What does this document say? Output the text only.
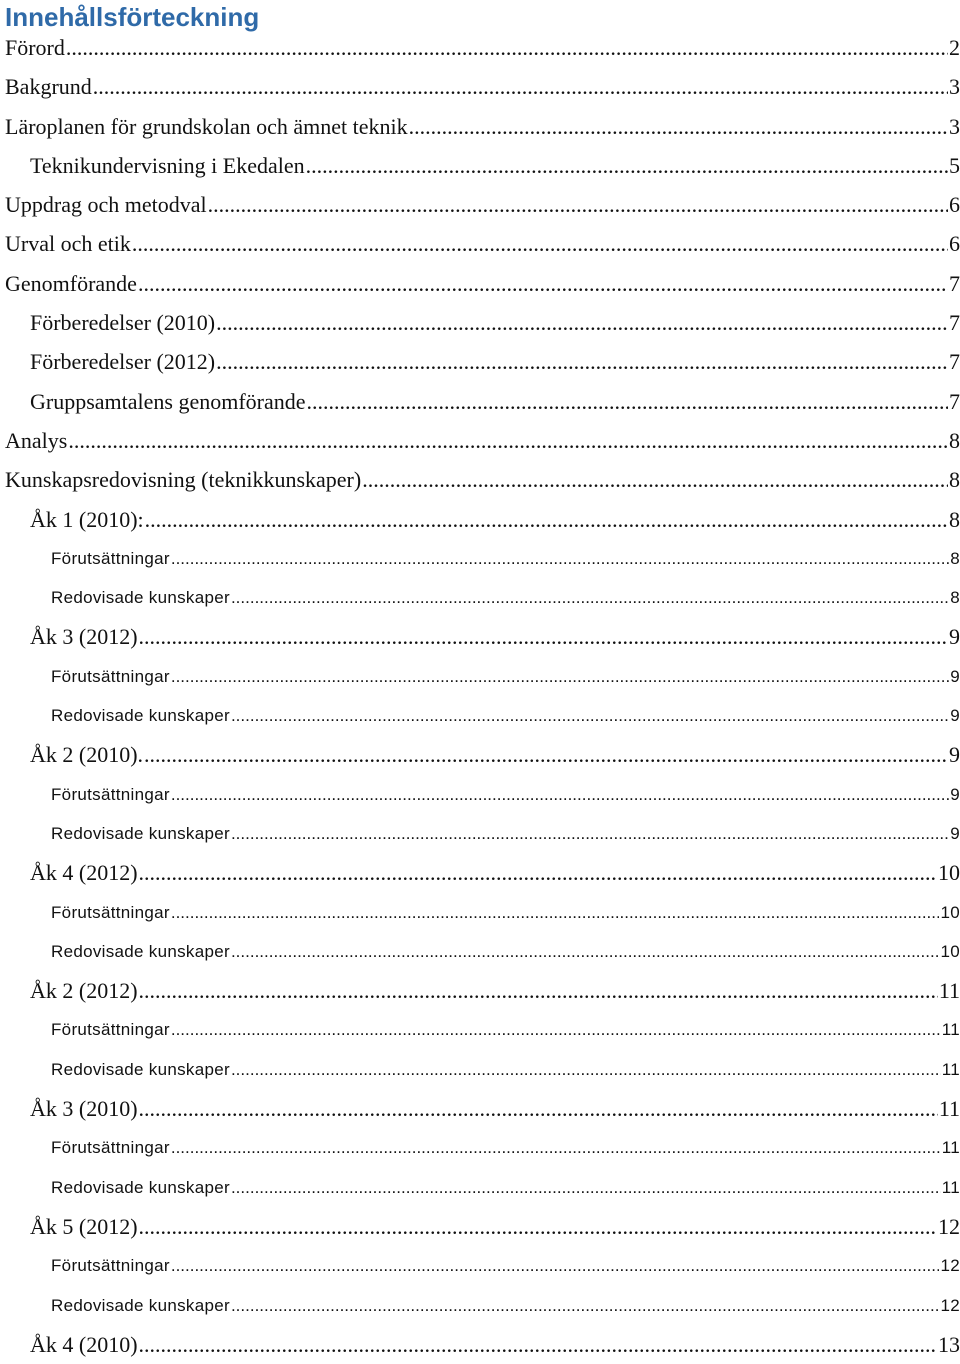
Innehållsförteckning
Förord .....	2
Bakgrund .....	3
Läroplanen för grundskolan och ämnet teknik .....	3
Teknikundervisning i Ekedalen .....	5
Uppdrag och metodval .....	6
Urval och etik .....	6
Genomförande .....	7
Förberedelser (2010) .....	7
Förberedelser (2012) .....	7
Gruppsamtalens genomförande .....	7
Analys .....	8
Kunskapsredovisning (teknikkunskaper) .....	8
Åk 1 (2010): .....	8
Förutsättningar .....	8
Redovisade kunskaper .....	8
Åk 3 (2012) .....	9
Förutsättningar .....	9
Redovisade kunskaper .....	9
Åk 2 (2010). .....	9
Förutsättningar .....	9
Redovisade kunskaper .....	9
Åk 4 (2012) .....	10
Förutsättningar .....	10
Redovisade kunskaper .....	10
Åk 2 (2012) .....	11
Förutsättningar .....	11
Redovisade kunskaper .....	11
Åk 3 (2010) .....	11
Förutsättningar .....	11
Redovisade kunskaper .....	11
Åk 5 (2012) .....	12
Förutsättningar .....	12
Redovisade kunskaper .....	12
Åk 4 (2010) .....	13
